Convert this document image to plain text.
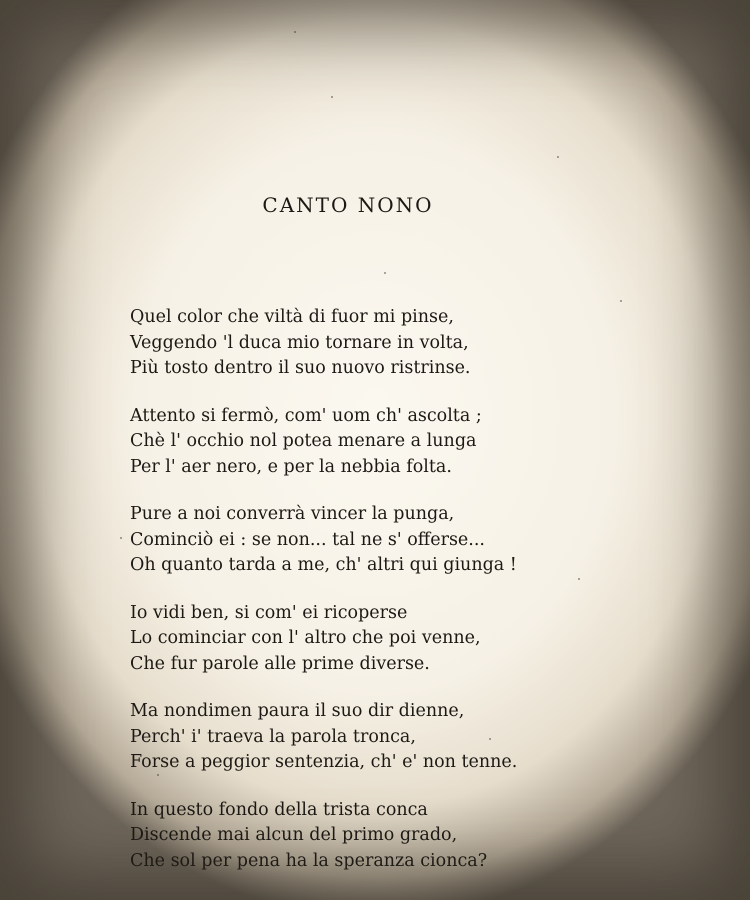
CANTO NONO
Quel color che viltà di fuor mi pinse,
Veggendo 'l duca mio tornare in volta,
Più tosto dentro il suo nuovo ristrinse.
Attento si fermò, com' uom ch' ascolta ;
Chè l' occhio nol potea menare a lunga
Per l' aer nero, e per la nebbia folta.
Pure a noi converrà vincer la punga,
Cominciò ei : se non... tal ne s' offerse...
Oh quanto tarda a me, ch' altri qui giunga !
Io vidi ben, si com' ei ricoperse
Lo cominciar con l' altro che poi venne,
Che fur parole alle prime diverse.
Ma nondimen paura il suo dir dienne,
Perch' i' traeva la parola tronca,
Forse a peggior sentenzia, ch' e' non tenne.
In questo fondo della trista conca
Discende mai alcun del primo grado,
Che sol per pena ha la speranza cionca?
